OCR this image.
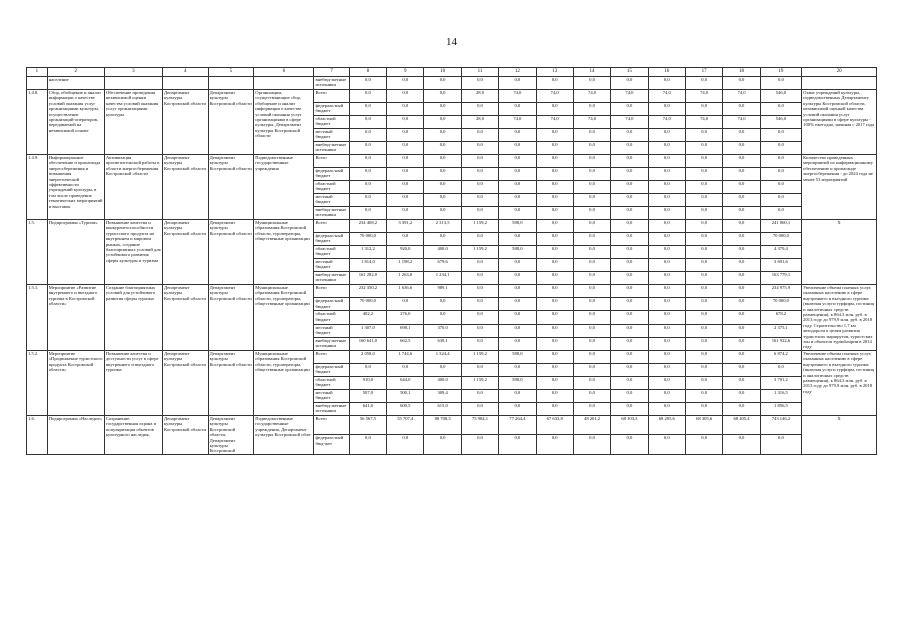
14
1	2	3	4	5	6	7	8	9	10	11	12	13	14	15	16	17	18	19	20
	население					внебюд-жетные источники	0,0	0,0	0,0	0,0	0,0	0,0	0,0	0,0	0,0	0,0	0,0	0,0	
1.4.8.	Сбор, обобщение и анализ информации о качестве условий оказания услуг организациями культуры, осуществление организаций-операторов, передаваемой на независимой основе	Обеспечение проведения независимой оценки качества условий оказания услуг организациями культуры	Департамент культуры Костромской области	Департамент культуры Костромской области	Организации, осуществляющие сбор, обобщение и анализ информации о качестве условий оказания услуг организациями в сфере культуры, Департамент культуры Костромской области	Всего	0,0	0,0	0,0	28,0	74,0	74,0	74,0	74,0	74,0	74,0	74,0	546,0	Охват учреждений культуры, подведомственных Департаменту культуры Костромской области, независимой оценкой качества условий оказания услуг организациями в сфере культуры - 100% ежегодно, начиная с 2017 года
						федераль-ный бюджет	0,0	0,0	0,0	0,0	0,0	0,0	0,0	0,0	0,0	0,0	0,0	0,0	
						областной бюджет	0,0	0,0	0,0	28,0	74,0	74,0	74,0	74,0	74,0	74,0	74,0	546,0	
						местный бюджет	0,0	0,0	0,0	0,0	0,0	0,0	0,0	0,0	0,0	0,0	0,0	0,0	
						внебюд-жетные источники	0,0	0,0	0,0	0,0	0,0	0,0	0,0	0,0	0,0	0,0	0,0	0,0	
1.4.9.	Информационное обеспечение и пропаганда энергосбережения и повышения энергетической эффективности учреждений культуры, в том числе проведение тематических мероприятий и выставок	Активизация просветительской работы в области энергосбережения Костромской области	Департамент культуры Костромской области	Департамент культуры Костромской области	Подведомственные государственные учреждения	Всего	0,0	0,0	0,0	0,0	0,0	0,0	0,0	0,0	0,0	0,0	0,0	0,0	Количество проведенных мероприятий по информационному обеспечению и пропаганде энергосбережения - до 2024 года не менее 53 мероприятий
						федераль-ный бюджет	0,0	0,0	0,0	0,0	0,0	0,0	0,0	0,0	0,0	0,0	0,0	0,0	
						областной бюджет	0,0	0,0	0,0	0,0	0,0	0,0	0,0	0,0	0,0	0,0	0,0	0,0	
						местный бюджет	0,0	0,0	0,0	0,0	0,0	0,0	0,0	0,0	0,0	0,0	0,0	0,0	
						внебюд-жетные источники	0,0	0,0	0,0	0,0	0,0	0,0	0,0	0,0	0,0	0,0	0,0	0,0	
1.5.	Подпрограмма «Туризм»	Повышение качества и конкурентоспособности туристского продукта на внутреннем и мировом рынках, создание благоприятных условий для устойчивого развития сферы культуры и туризма	Департамент культуры Костромской области	Департамент культуры Костромской области	Муниципальные образования Костромской области, туроператоры, общественные организации	Всего	234 408,2	3 391,2	2 313,5	1 159,2	588,0	0,0	0,0	0,0	0,0	0,0	0,0	241 860,1	X
						федераль-ный бюджет	70 000,0	0,0	0,0	0,0	0,0	0,0	0,0	0,0	0,0	0,0	0,0	70 000,0	
						областной бюджет	1 312,2	920,0	400,0	1 159,2	588,0	0,0	0,0	0,0	0,0	0,0	0,0	4 379,4	
						местный бюджет	1 814,0	1 198,2	679,6	0,0	0,0	0,0	0,0	0,0	0,0	0,0	0,0	3 691,6	
						внебюд-жетные источники	161 282,0	1 263,0	1 234,1	0,0	0,0	0,0	0,0	0,0	0,0	0,0	0,0	163 779,1	
1.5.1.	Мероприятие «Развитие внутреннего и въездного туризма в Костромской области»	Создание благоприятных условий для устойчивого развития сферы туризма	Департамент культуры Костромской области	Департамент культуры Костромской области	Муниципальные образования Костромской области, туроператоры, общественные организации	Всего	232 350,2	1 636,6	989,1	0,0	0,0	0,0	0,0	0,0	0,0	0,0	0,0	234 975,9	Увеличение объема платных услуг, оказанных населению в сфере внутреннего и въездного туризма (включая услуги турфирм, гостиниц и аналогичных средств размещения), к 864,3 млн. руб. в 2013 году до 979,9 млн. руб. в 2018 году. Строительство 1,7 км автодороги к целям развития туристских маршрутов, туристских зон и объектов турindustрии в 2014 году
						федераль-ный бюджет	70 000,0	0,0	0,0	0,0	0,0	0,0	0,0	0,0	0,0	0,0	0,0	70 000,0	
						областной бюджет	402,2	276,0	0,0	0,0	0,0	0,0	0,0	0,0	0,0	0,0	0,0	678,2	
						местный бюджет	1 307,0	698,1	370,0	0,0	0,0	0,0	0,0	0,0	0,0	0,0	0,0	2 375,1	
						внебюд-жетные источники	160 641,0	662,5	639,1	0,0	0,0	0,0	0,0	0,0	0,0	0,0	0,0	161 922,6	
1.5.2.	Мероприятие «Продвижение туристского продукта Костромской области»	Повышение качества и доступности услуг в сфере внутреннего и въездного туризма	Департамент культуры Костромской области	Департамент культуры Костромской области	Муниципальные образования Костромской области, туроператоры, общественные организации	Всего	2 058,0	1 744,6	1 324,4	1 159,2	588,0	0,0	0,0	0,0	0,0	0,0	0,0	6 874,2	Увеличение объема платных услуг, оказанных населению в сфере внутреннего и въездного туризма (включая услуги турфирм, гостиниц и аналогичных средств размещения), к 864,3 млн. руб. в 2013 году до 979,9 млн. руб. в 2018 году
						федераль-ный бюджет	0,0	0,0	0,0	0,0	0,0	0,0	0,0	0,0	0,0	0,0	0,0	0,0	
						областной бюджет	910,0	644,0	400,0	1 159,2	588,0	0,0	0,0	0,0	0,0	0,0	0,0	3 701,2	
						местный бюджет	507,0	500,1	309,4	0,0	0,0	0,0	0,0	0,0	0,0	0,0	0,0	1 316,5	
						внебюд-жетные источники	641,0	600,5	615,0	0,0	0,0	0,0	0,0	0,0	0,0	0,0	0,0	1 856,5	
1.6.	Подпрограмма «Наследие»	Сохранение, государственная охрана и популяризация объектов культурного наследия,	Департамент культуры Костромской области	Департамент культуры Костромской области, Департамент культуры Костромской	Подведомственные государственные учреждения, Департамент культуры Костромской обла-	Всего	56 567,5	55 707,4	88 708,3	75 984,1	77 264,4	67 633,8	48 201,2	68 103,3	68 205,6	68 305,6	68 405,4	743 146,2	X
						федераль-ный бюд-жет	0,0	0,0	0,0	0,0	0,0	0,0	0,0	0,0	0,0	0,0	0,0	0,0	
